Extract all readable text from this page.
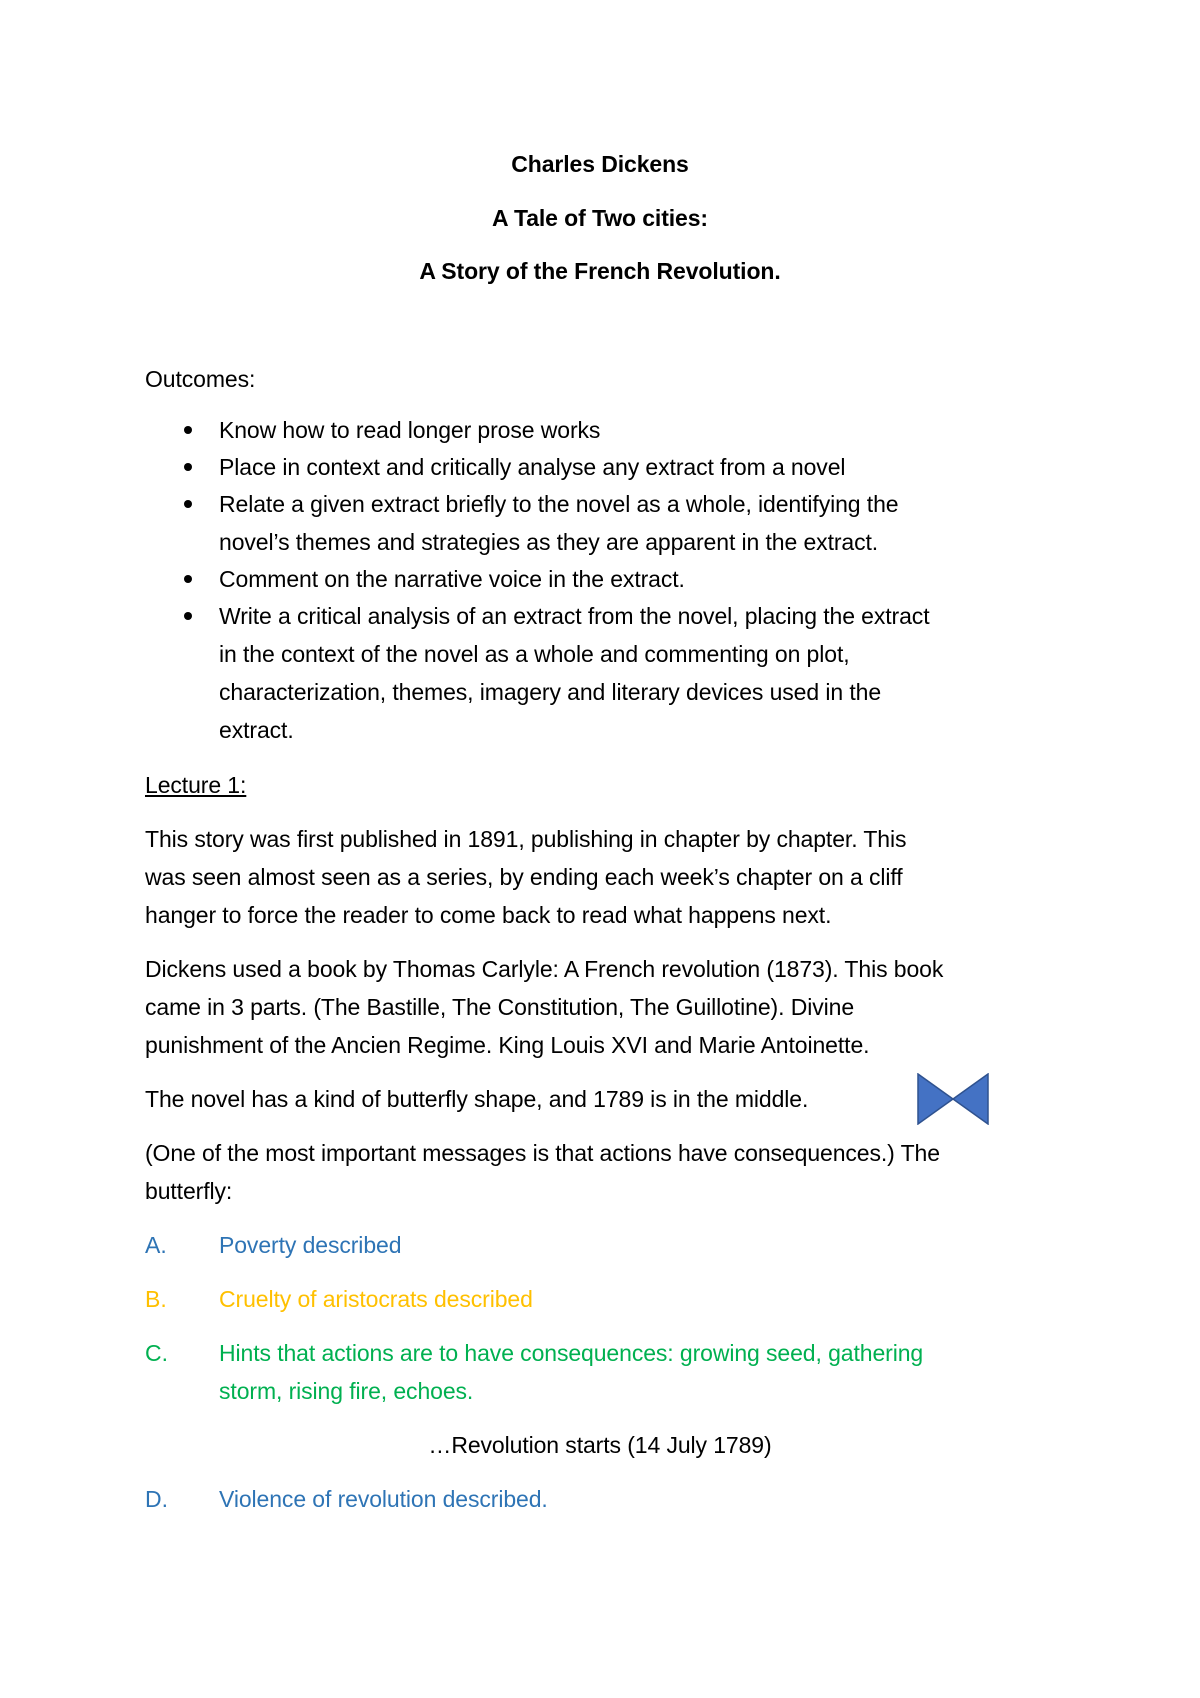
Charles Dickens
A Tale of Two cities:
A Story of the French Revolution.
Outcomes:
Know how to read longer prose works
Place in context and critically analyse any extract from a novel
Relate a given extract briefly to the novel as a whole, identifying the
novel’s themes and strategies as they are apparent in the extract.
Comment on the narrative voice in the extract.
Write a critical analysis of an extract from the novel, placing the extract
in the context of the novel as a whole and commenting on plot,
characterization, themes, imagery and literary devices used in the
extract.
Lecture 1:
This story was first published in 1891, publishing in chapter by chapter. This
was seen almost seen as a series, by ending each week’s chapter on a cliff
hanger to force the reader to come back to read what happens next.
Dickens used a book by Thomas Carlyle: A French revolution (1873). This book
came in 3 parts. (The Bastille, The Constitution, The Guillotine). Divine
punishment of the Ancien Regime. King Louis XVI and Marie Antoinette.
The novel has a kind of butterfly shape, and 1789 is in the middle.
(One of the most important messages is that actions have consequences.) The
butterfly:
A. Poverty described
B. Cruelty of aristocrats described
C. Hints that actions are to have consequences: growing seed, gathering
storm, rising fire, echoes.
…Revolution starts (14 July 1789)
D. Violence of revolution described.
